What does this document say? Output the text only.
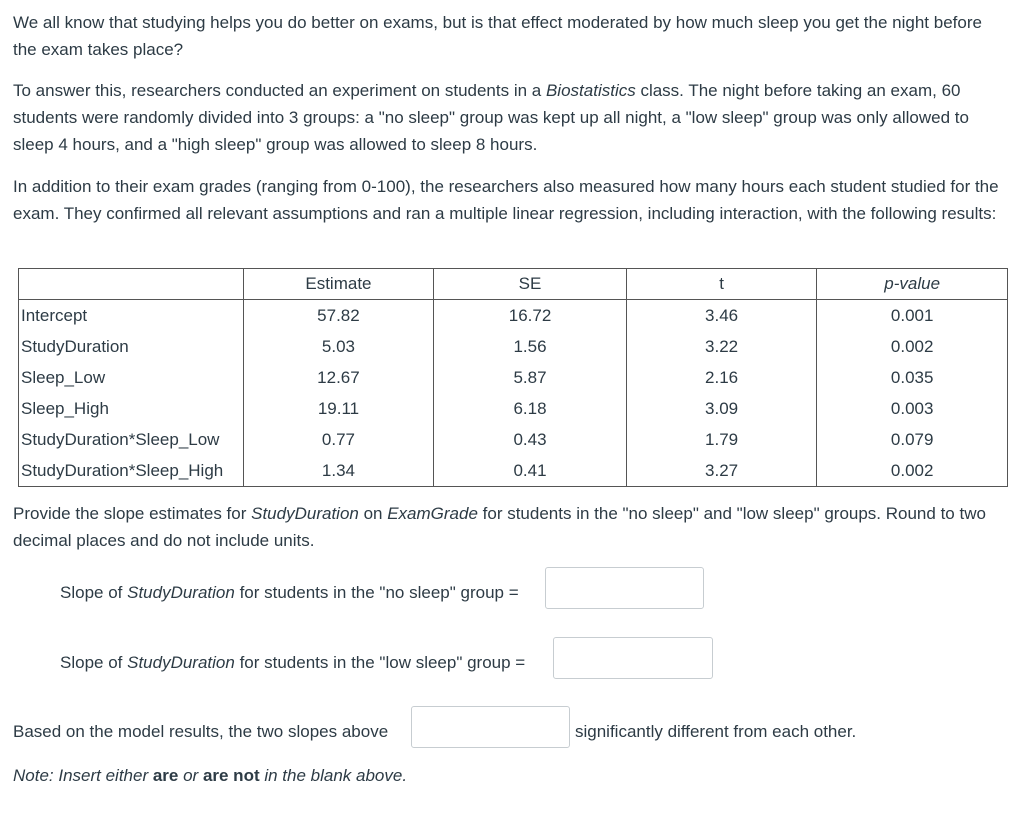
We all know that studying helps you do better on exams, but is that effect moderated by how much sleep you get the night before the exam takes place?

To answer this, researchers conducted an experiment on students in a Biostatistics class. The night before taking an exam, 60 students were randomly divided into 3 groups: a "no sleep" group was kept up all night, a "low sleep" group was only allowed to sleep 4 hours, and a "high sleep" group was allowed to sleep 8 hours.

In addition to their exam grades (ranging from 0-100), the researchers also measured how many hours each student studied for the exam. They confirmed all relevant assumptions and ran a multiple linear regression, including interaction, with the following results:

	Estimate	SE	t	p-value
Intercept	57.82	16.72	3.46	0.001
StudyDuration	5.03	1.56	3.22	0.002
Sleep_Low	12.67	5.87	2.16	0.035
Sleep_High	19.11	6.18	3.09	0.003
StudyDuration*Sleep_Low	0.77	0.43	1.79	0.079
StudyDuration*Sleep_High	1.34	0.41	3.27	0.002

Provide the slope estimates for StudyDuration on ExamGrade for students in the "no sleep" and "low sleep" groups. Round to two decimal places and do not include units.

Slope of StudyDuration for students in the "no sleep" group =
Slope of StudyDuration for students in the "low sleep" group =
Based on the model results, the two slopes above	significantly different from each other.
Note: Insert either are or are not in the blank above.
